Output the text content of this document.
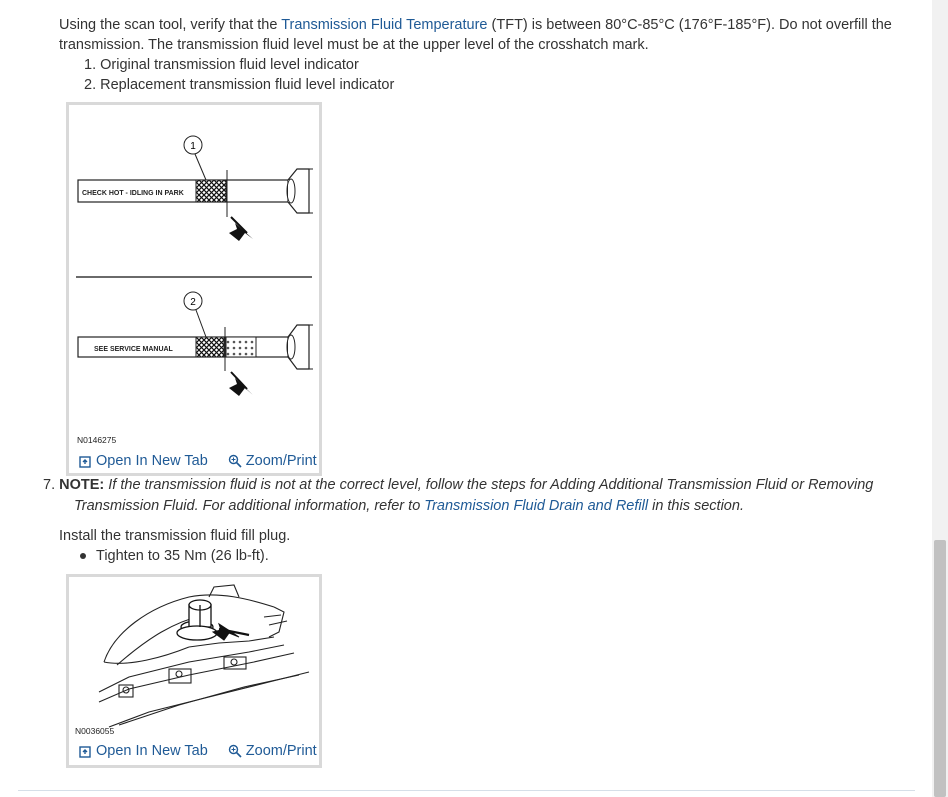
Using the scan tool, verify that the Transmission Fluid Temperature (TFT) is between 80°C-85°C (176°F-185°F). Do not overfill the
transmission. The transmission fluid level must be at the upper level of the crosshatch mark.
1. Original transmission fluid level indicator
2. Replacement transmission fluid level indicator
1
CHECK HOT - IDLING IN PARK
2
SEE SERVICE MANUAL
N0146275
Open In New Tab	Zoom/Print
7. NOTE: If the transmission fluid is not at the correct level, follow the steps for Adding Additional Transmission Fluid or Removing
Transmission Fluid. For additional information, refer to Transmission Fluid Drain and Refill in this section.
Install the transmission fluid fill plug.
Tighten to 35 Nm (26 lb-ft).
N0036055
Open In New Tab	Zoom/Print
